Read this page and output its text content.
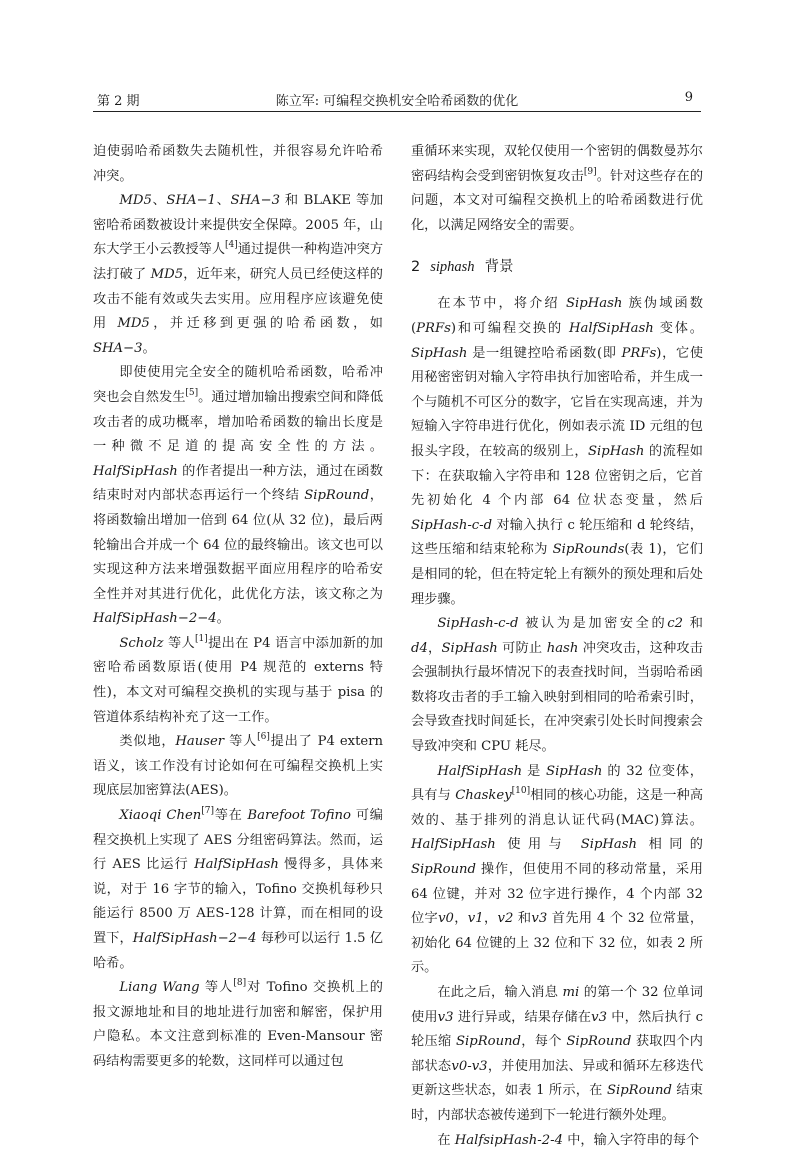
第 2 期	陈立军: 可编程交换机安全哈希函数的优化	9

迫使弱哈希函数失去随机性，并很容易允许哈希冲突。

MD5、SHA−1、SHA−3 和 BLAKE 等加密哈希函数被设计来提供安全保障。2005 年，山东大学王小云教授等人[4]通过提供一种构造冲突方法打破了 MD5，近年来，研究人员已经使这样的攻击不能有效或失去实用。应用程序应该避免使用 MD5，并迁移到更强的哈希函数，如 SHA−3。

即使使用完全安全的随机哈希函数，哈希冲突也会自然发生[5]。通过增加输出搜索空间和降低攻击者的成功概率，增加哈希函数的输出长度是一种微不足道的提高安全性的方法。HalfSipHash 的作者提出一种方法，通过在函数结束时对内部状态再运行一个终结 SipRound，将函数输出增加一倍到 64 位(从 32 位)，最后两轮输出合并成一个 64 位的最终输出。该文也可以实现这种方法来增强数据平面应用程序的哈希安全性并对其进行优化，此优化方法，该文称之为 HalfSipHash−2−4。

Scholz 等人[1]提出在 P4 语言中添加新的加密哈希函数原语(使用 P4 规范的 externs 特性)，本文对可编程交换机的实现与基于 pisa 的管道体系结构补充了这一工作。

类似地，Hauser 等人[6]提出了 P4 extern 语义，该工作没有讨论如何在可编程交换机上实现底层加密算法(AES)。

Xiaoqi Chen[7]等在 Barefoot Tofino 可编程交换机上实现了 AES 分组密码算法。然而，运行 AES 比运行 HalfSipHash 慢得多，具体来说，对于 16 字节的输入，Tofino 交换机每秒只能运行 8500 万 AES-128 计算，而在相同的设置下，HalfSipHash−2−4 每秒可以运行 1.5 亿哈希。

Liang Wang 等人[8]对 Tofino 交换机上的报文源地址和目的地址进行加密和解密，保护用户隐私。本文注意到标准的 Even-Mansour 密码结构需要更多的轮数，这同样可以通过包

重循环来实现，双轮仅使用一个密钥的偶数曼苏尔密码结构会受到密钥恢复攻击[9]。针对这些存在的问题，本文对可编程交换机上的哈希函数进行优化，以满足网络安全的需要。

2 siphash 背景

在本节中，将介绍 SipHash 族伪域函数(PRFs)和可编程交换的 HalfSipHash 变体。SipHash 是一组键控哈希函数(即 PRFs)，它使用秘密密钥对输入字符串执行加密哈希，并生成一个与随机不可区分的数字，它旨在实现高速，并为短输入字符串进行优化，例如表示流 ID 元组的包报头字段，在较高的级别上，SipHash 的流程如下：在获取输入字符串和 128 位密钥之后，它首先初始化 4 个内部 64 位状态变量，然后 SipHash-c-d 对输入执行 c 轮压缩和 d 轮终结，这些压缩和结束轮称为 SipRounds(表 1)，它们是相同的轮，但在特定轮上有额外的预处理和后处理步骤。

SipHash-c-d 被认为是加密安全的c2 和d4，SipHash 可防止 hash 冲突攻击，这种攻击会强制执行最坏情况下的表查找时间，当弱哈希函数将攻击者的手工输入映射到相同的哈希索引时，会导致查找时间延长，在冲突索引处长时间搜索会导致冲突和 CPU 耗尽。

HalfSipHash 是 SipHash 的 32 位变体，具有与 Chaskey[10]相同的核心功能，这是一种高效的、基于排列的消息认证代码(MAC)算法。HalfSipHash 使用与 SipHash 相同的 SipRound 操作，但使用不同的移动常量，采用 64 位键，并对 32 位字进行操作，4 个内部 32 位字v0，v1，v2 和v3 首先用 4 个 32 位常量，初始化 64 位键的上 32 位和下 32 位，如表 2 所示。

在此之后，输入消息 mi 的第一个 32 位单词使用v3 进行异或，结果存储在v3 中，然后执行 c 轮压缩 SipRound，每个 SipRound 获取四个内部状态v0-v3，并使用加法、异或和循环左移迭代更新这些状态，如表 1 所示，在 SipRound 结束时，内部状态被传递到下一轮进行额外处理。

在 HalfsipHash-2-4 中，输入字符串的每个
